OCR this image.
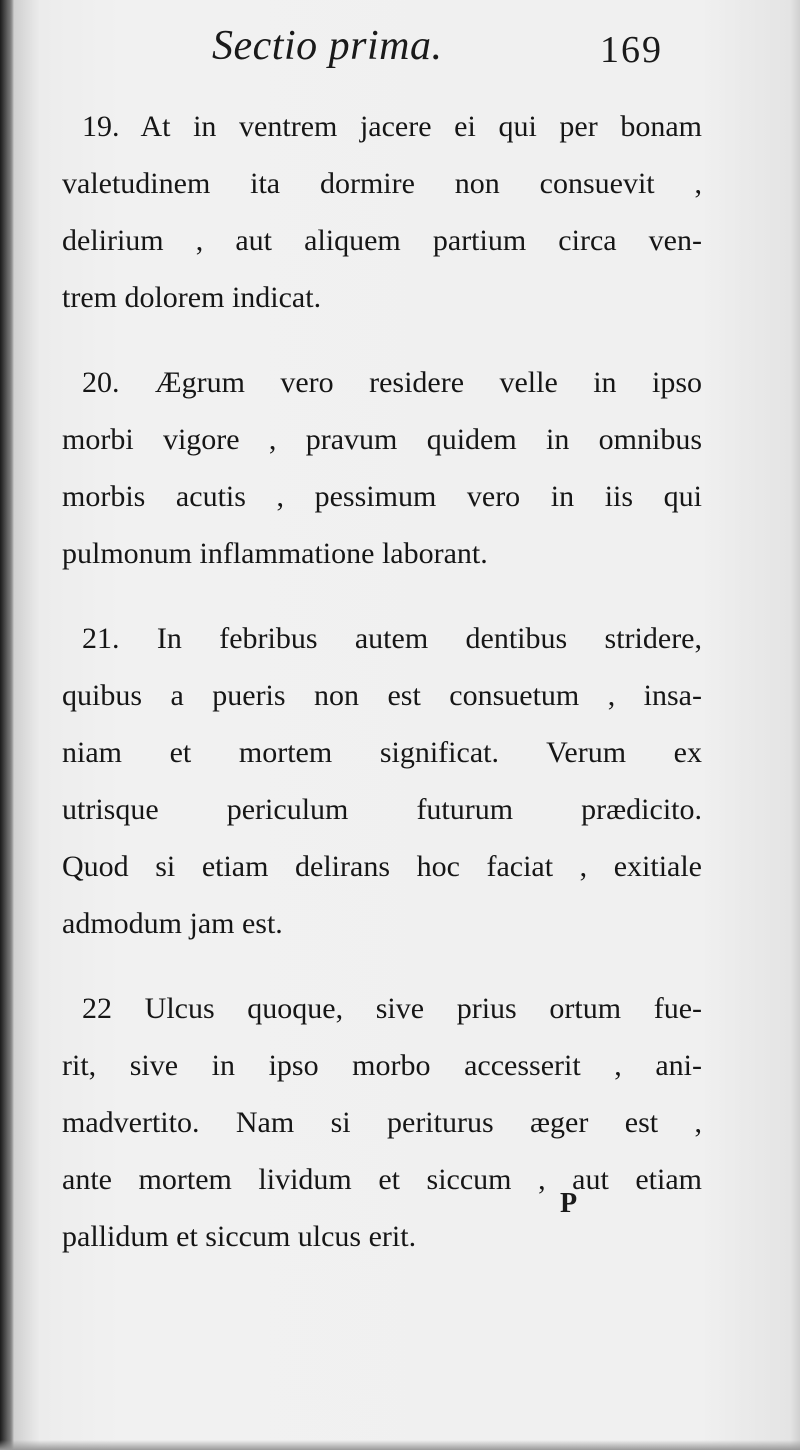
Sectio prima.	169
19. At in ventrem jacere ei qui per bonam
valetudinem ita dormire non consuevit ,
delirium , aut aliquem partium circa ven-
trem dolorem indicat.
20. Ægrum vero residere velle in ipso
morbi vigore , pravum quidem in omnibus
morbis acutis , pessimum vero in iis qui
pulmonum inflammatione laborant.
21. In febribus autem dentibus stridere,
quibus a pueris non est consuetum , insa-
niam et mortem significat. Verum ex
utrisque periculum futurum prædicito.
Quod si etiam delirans hoc faciat , exitiale
admodum jam est.
22 Ulcus quoque, sive prius ortum fue-
rit, sive in ipso morbo accesserit , ani-
madvertito. Nam si periturus æger est ,
ante mortem lividum et siccum , aut etiam
pallidum et siccum ulcus erit.
P
